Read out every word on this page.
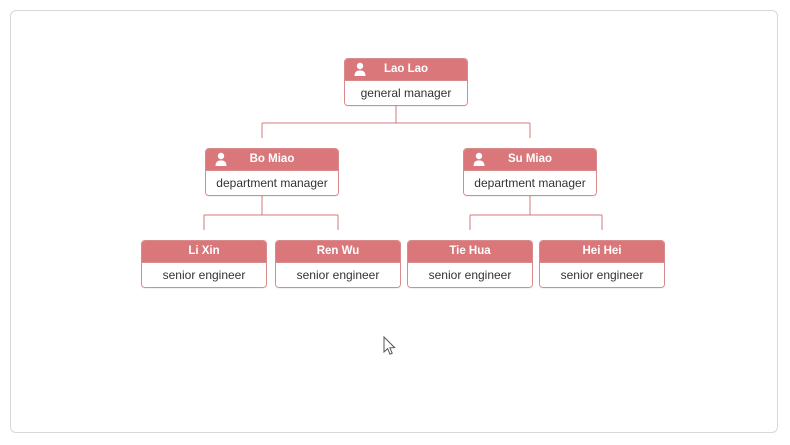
Lao Lao
general manager
Bo Miao
department manager
Su Miao
department manager
Li Xin
senior engineer
Ren Wu
senior engineer
Tie Hua
senior engineer
Hei Hei
senior engineer
